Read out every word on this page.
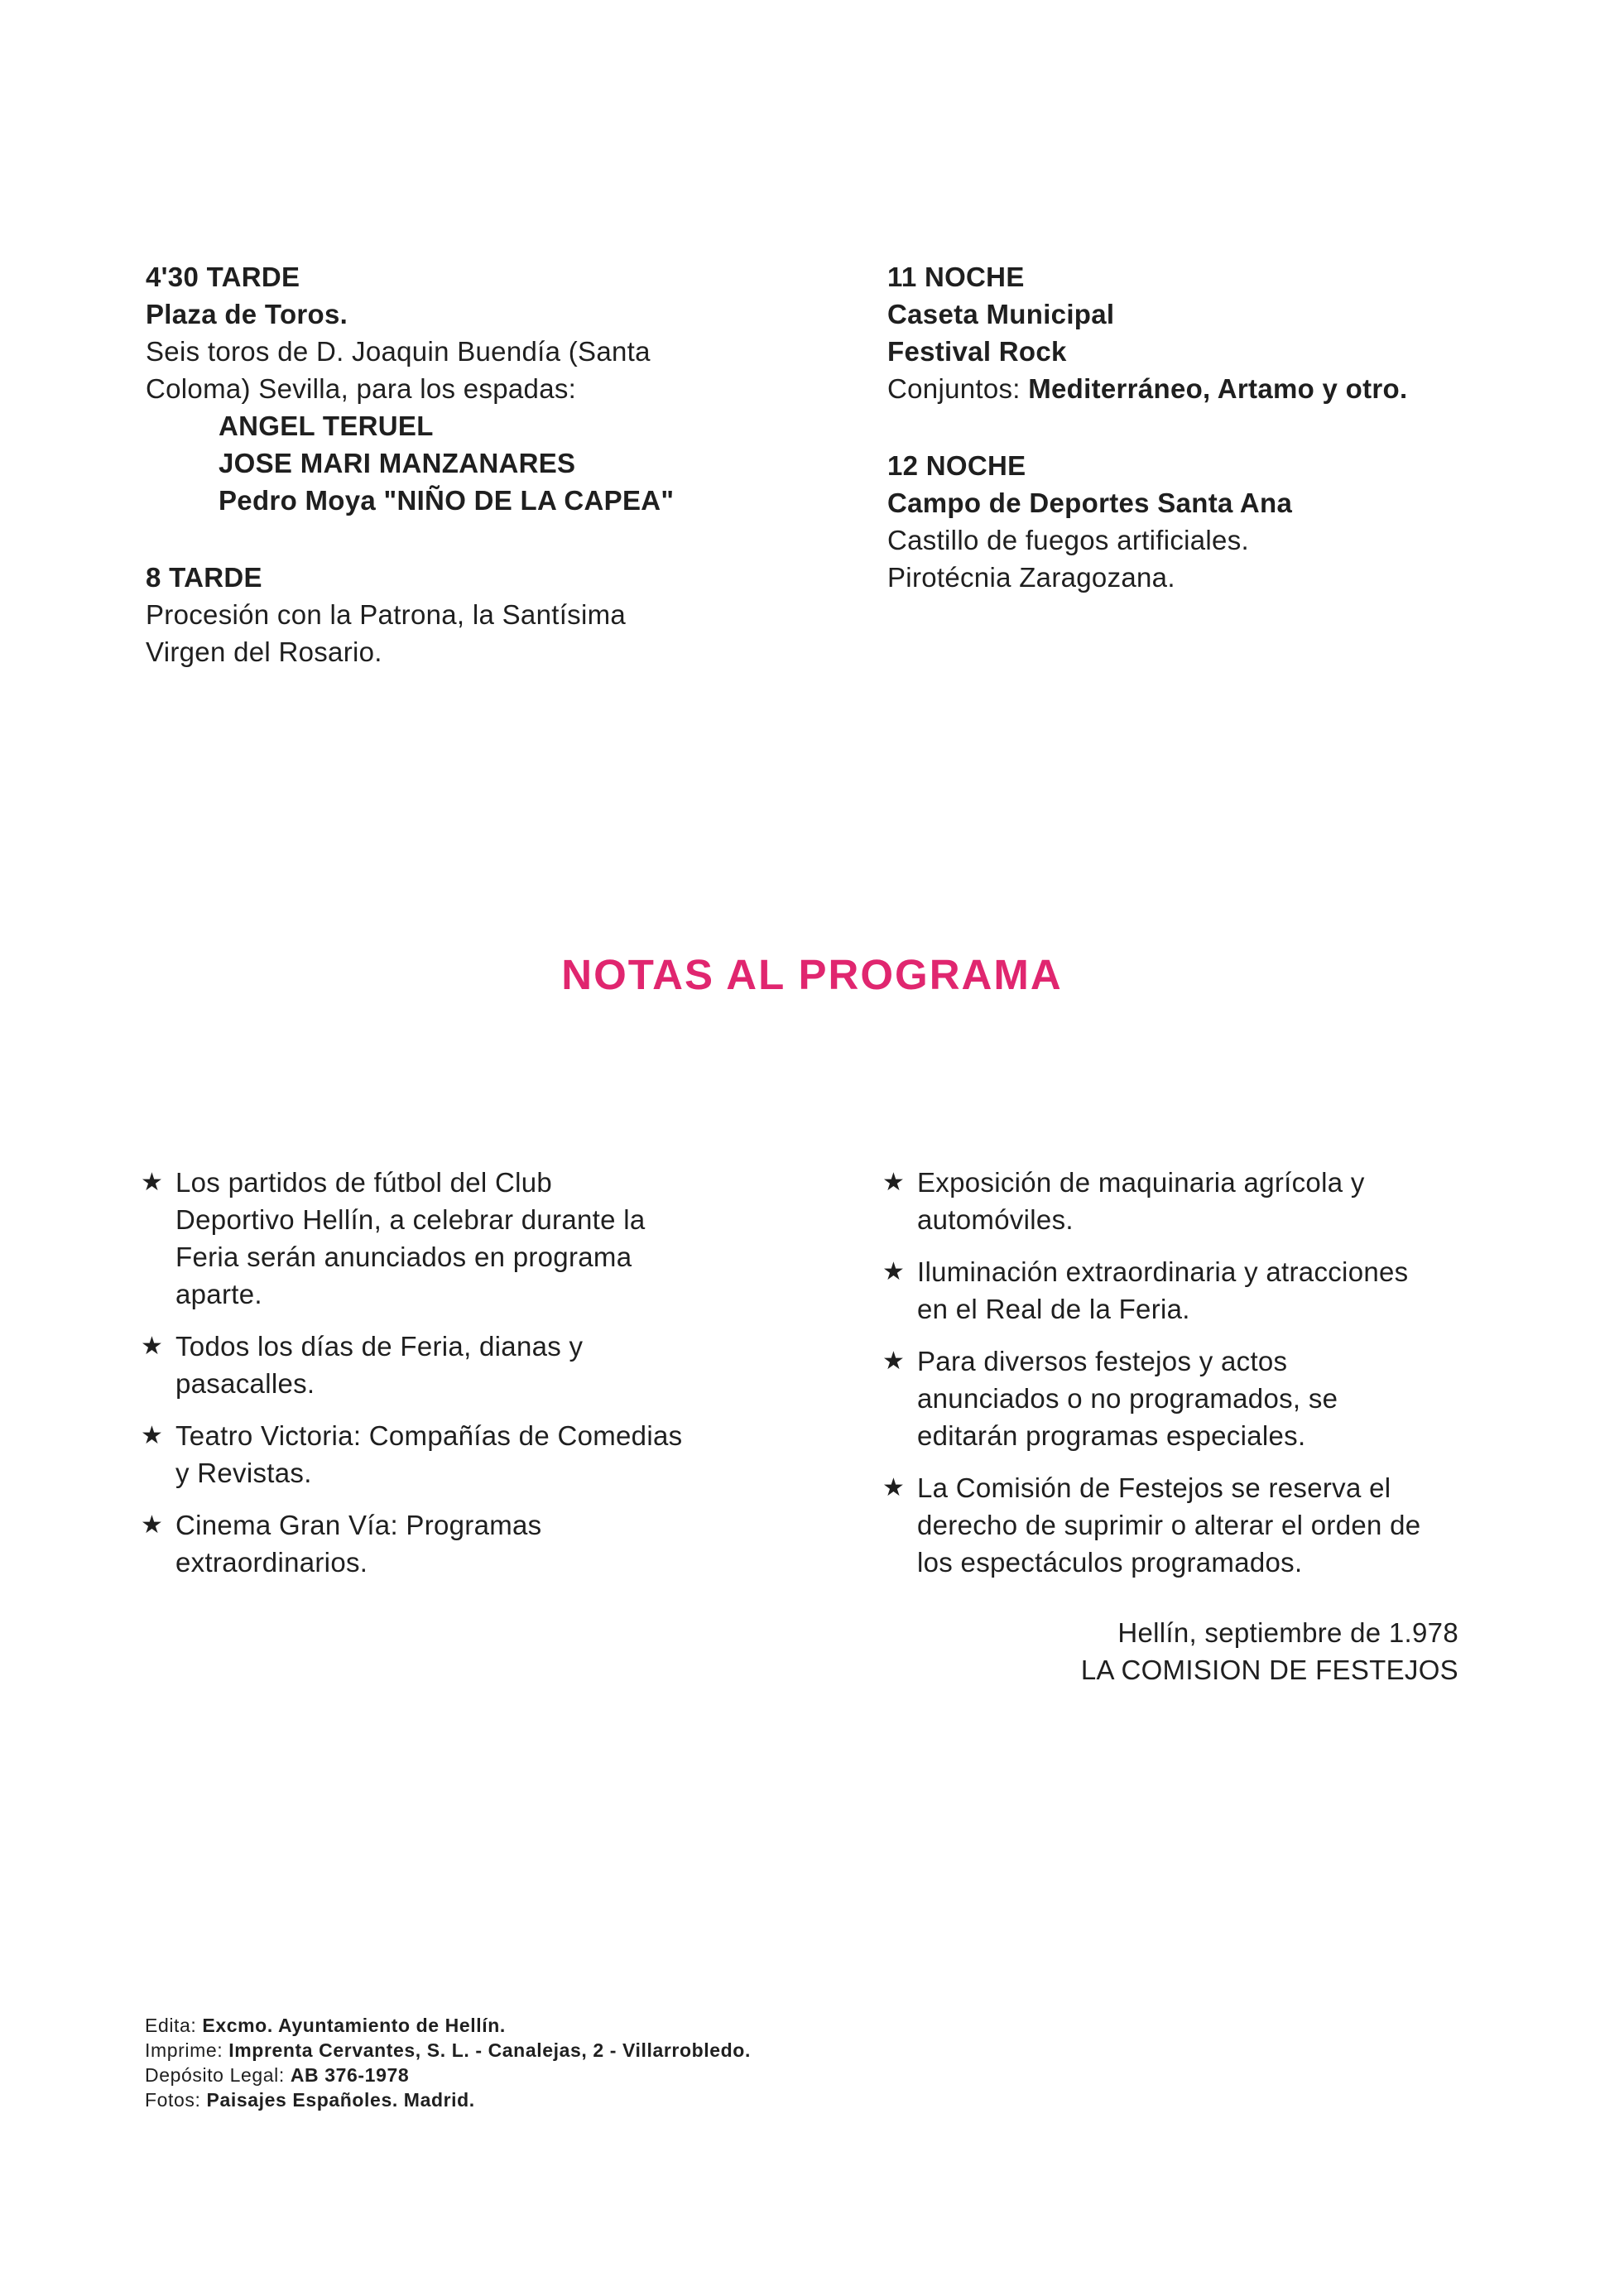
4'30 TARDE
Plaza de Toros.
Seis toros de D. Joaquin Buendía (Santa
Coloma) Sevilla, para los espadas:
ANGEL TERUEL
JOSE MARI MANZANARES
Pedro Moya "NIÑO DE LA CAPEA"
8 TARDE
Procesión con la Patrona, la Santísima
Virgen del Rosario.
11 NOCHE
Caseta Municipal
Festival Rock
Conjuntos: Mediterráneo, Artamo y otro.
12 NOCHE
Campo de Deportes Santa Ana
Castillo de fuegos artificiales.
Pirotécnia Zaragozana.
NOTAS AL PROGRAMA
★ Los partidos de fútbol del Club
Deportivo Hellín, a celebrar durante la
Feria serán anunciados en programa
aparte.
★ Todos los días de Feria, dianas y
pasacalles.
★ Teatro Victoria: Compañías de Comedias
y Revistas.
★ Cinema Gran Vía: Programas
extraordinarios.
★ Exposición de maquinaria agrícola y
automóviles.
★ Iluminación extraordinaria y atracciones
en el Real de la Feria.
★ Para diversos festejos y actos
anunciados o no programados, se
editarán programas especiales.
★ La Comisión de Festejos se reserva el
derecho de suprimir o alterar el orden de
los espectáculos programados.
Hellín, septiembre de 1.978
LA COMISION DE FESTEJOS
Edita: Excmo. Ayuntamiento de Hellín.
Imprime: Imprenta Cervantes, S. L. - Canalejas, 2 - Villarrobledo.
Depósito Legal: AB 376-1978
Fotos: Paisajes Españoles. Madrid.
